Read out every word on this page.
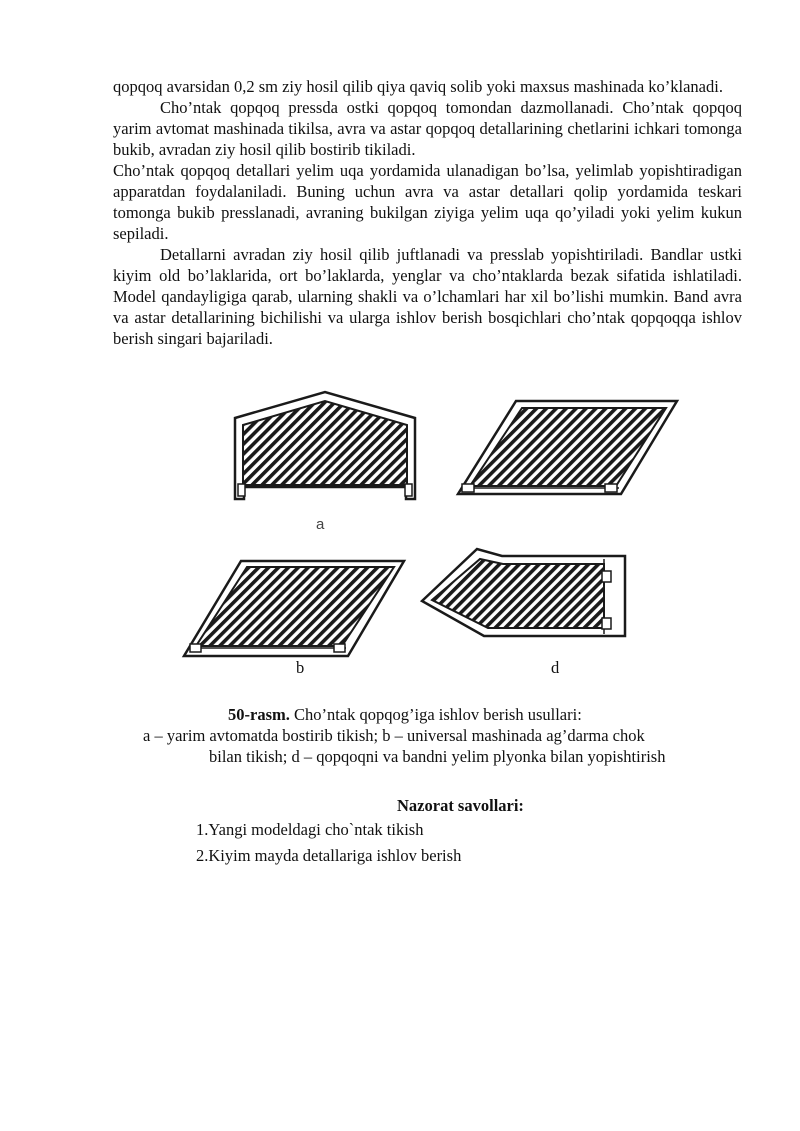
qopqoq avarsidan 0,2 sm ziy hosil qilib qiya qaviq solib yoki maxsus mashinada ko’klanadi.

Cho’ntak qopqoq pressda ostki qopqoq tomondan dazmollanadi. Cho’ntak qopqoq yarim avtomat mashinada tikilsa, avra va astar qopqoq detallarining chetlarini ichkari tomonga bukib, avradan ziy hosil qilib bostirib tikiladi.

Cho’ntak qopqoq detallari yelim uqa yordamida ulanadigan bo’lsa, yelimlab yopishtiradigan apparatdan foydalaniladi. Buning uchun avra va astar detallari qolip yordamida teskari tomonga bukib presslanadi, avraning bukilgan ziyiga yelim uqa qo’yiladi yoki yelim kukun sepiladi.

Detallarni avradan ziy hosil qilib juftlanadi va presslab yopishtiriladi. Bandlar ustki kiyim old bo’laklarida, ort bo’laklarda, yenglar va cho’ntaklarda bezak sifatida ishlatiladi. Model qandayligiga qarab, ularning shakli va o’lchamlari har xil bo’lishi mumkin. Band avra va astar detallarining bichilishi va ularga ishlov berish bosqichlari cho’ntak qopqoqqa ishlov berish singari bajariladi.

a
b	d
50-rasm. Cho’ntak qopqog’iga ishlov berish usullari:
a – yarim avtomatda bostirib tikish; b – universal mashinada ag’darma chok
bilan tikish; d – qopqoqni va bandni yelim plyonka bilan yopishtirish
Nazorat savollari:
1.Yangi modeldagi cho`ntak tikish
2.Kiyim mayda detallariga ishlov berish
